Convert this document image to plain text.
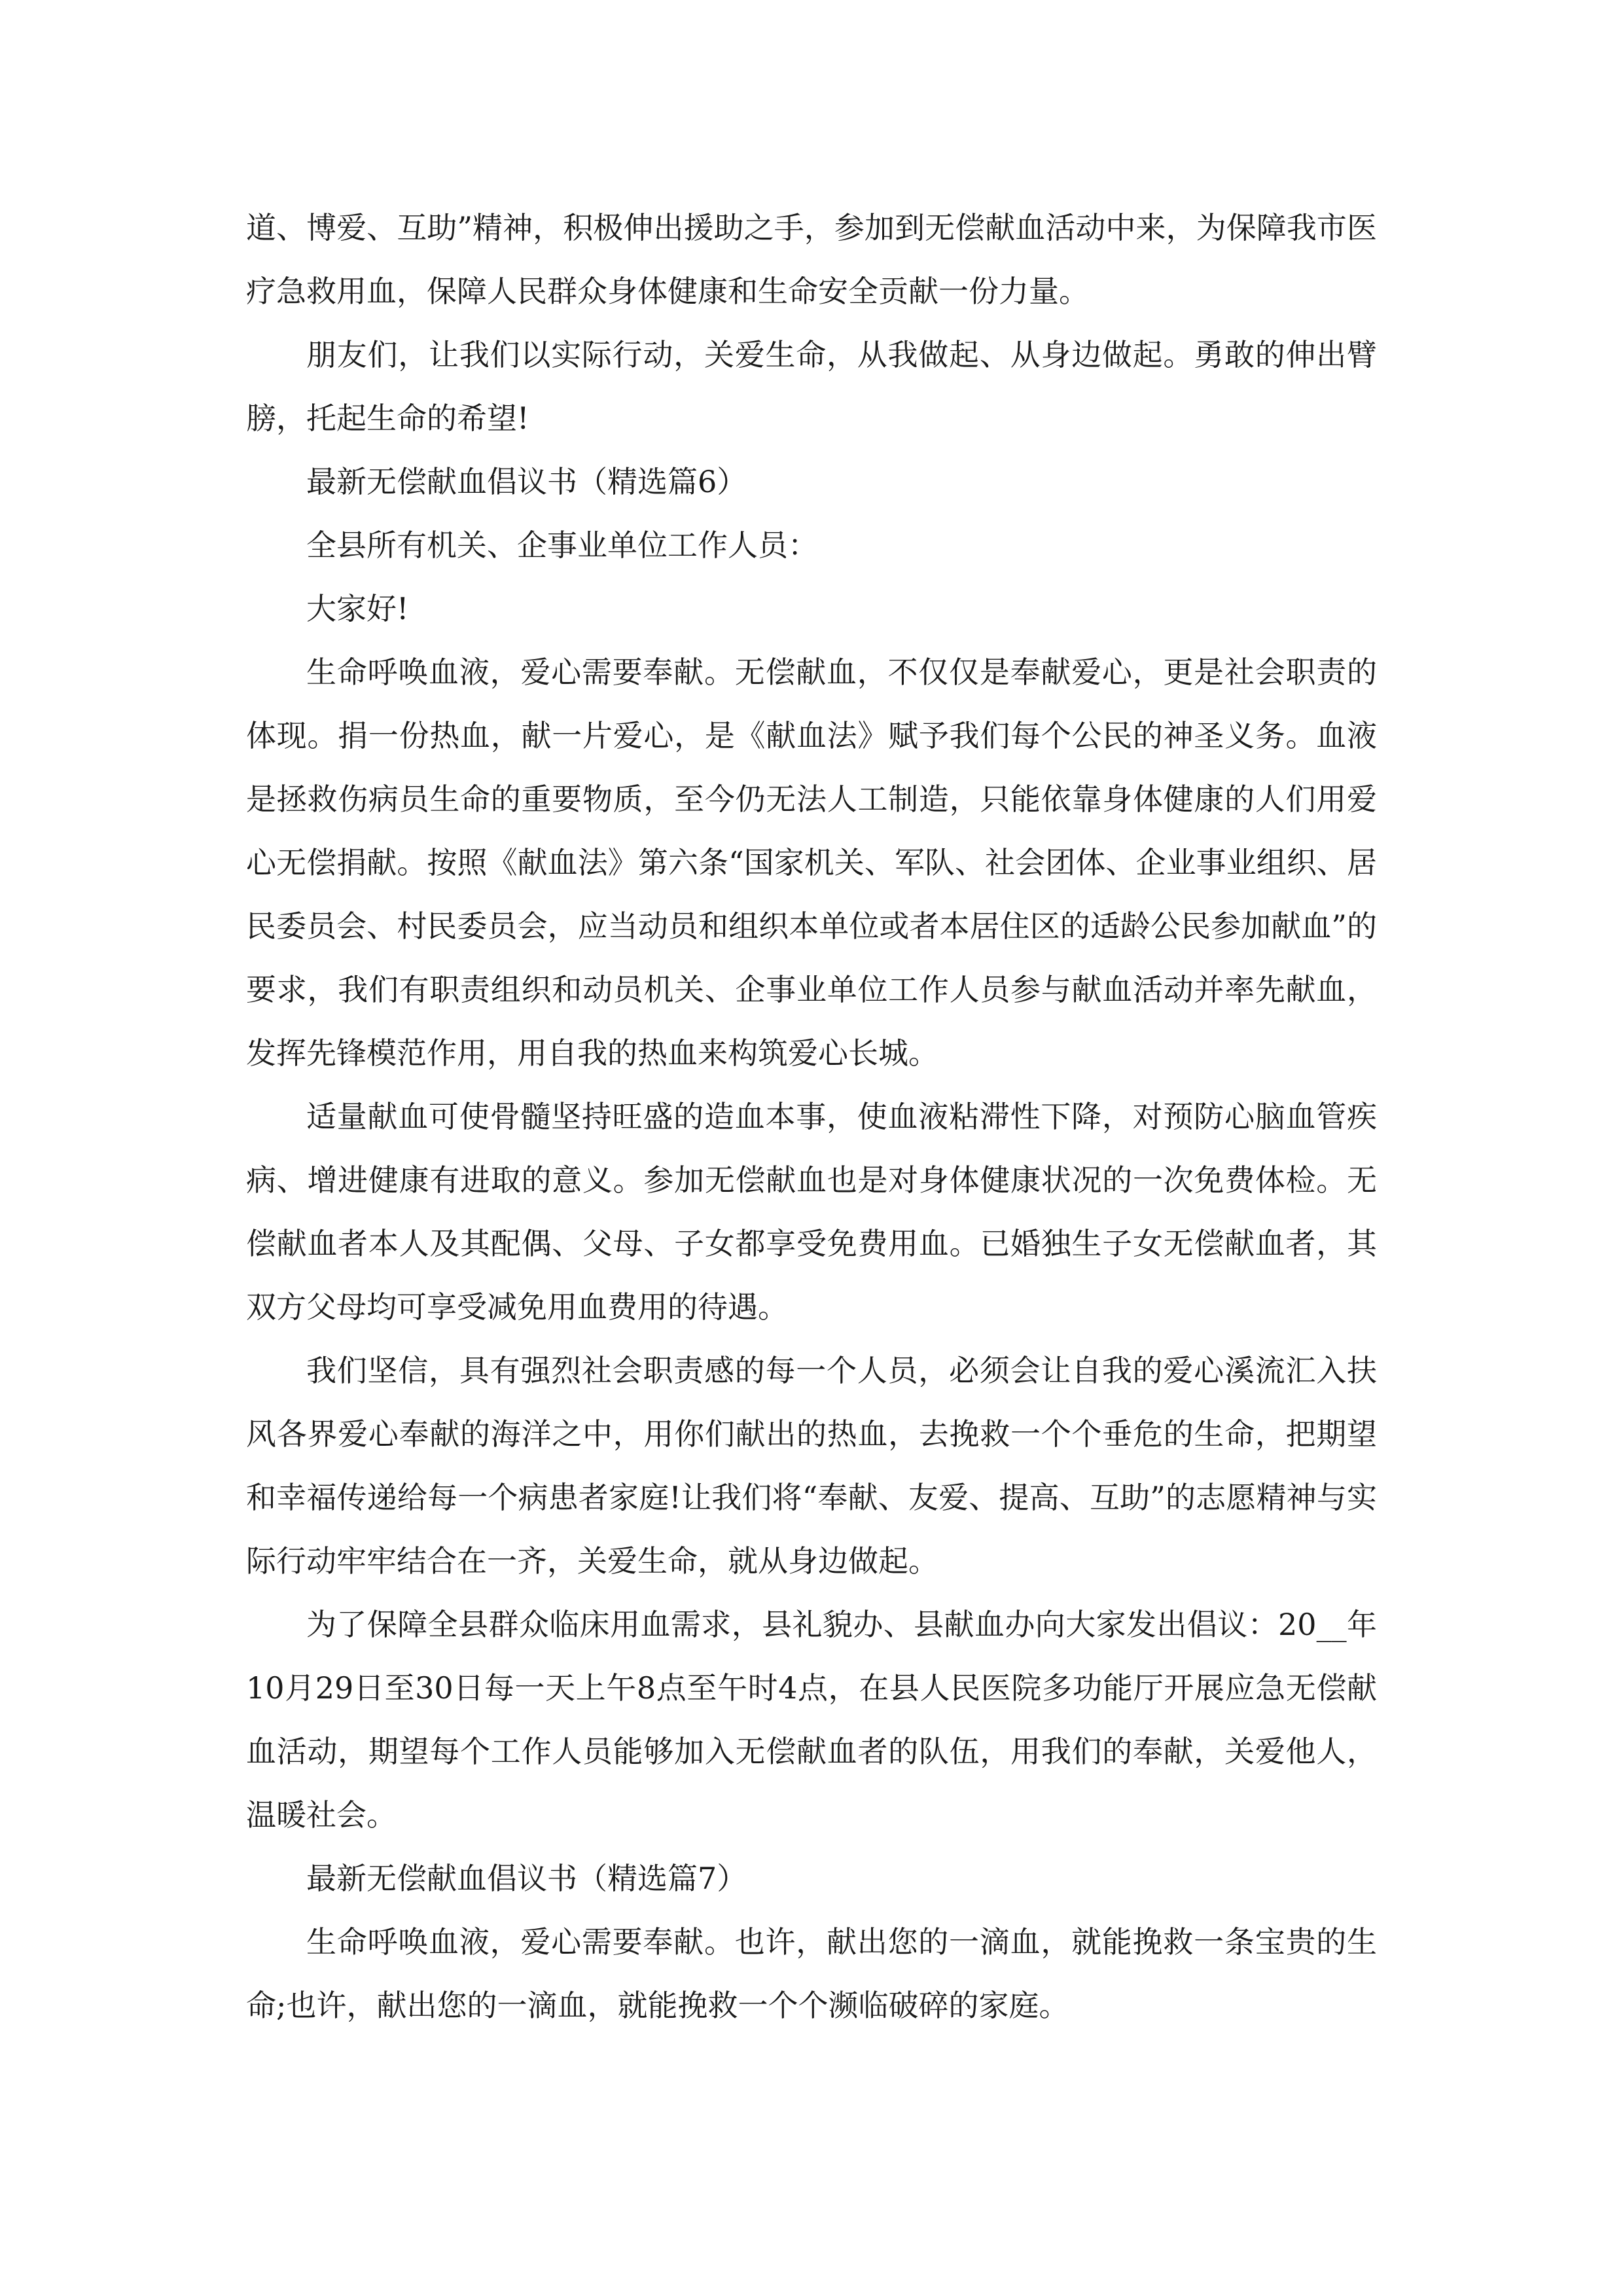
道、博爱、互助”精神，积极伸出援助之手，参加到无偿献血活动中来，为保障我市医疗急救用血，保障人民群众身体健康和生命安全贡献一份力量。

朋友们，让我们以实际行动，关爱生命，从我做起、从身边做起。勇敢的伸出臂膀，托起生命的希望!

最新无偿献血倡议书（精选篇6）

全县所有机关、企事业单位工作人员：

大家好!

生命呼唤血液，爱心需要奉献。无偿献血，不仅仅是奉献爱心，更是社会职责的体现。捐一份热血，献一片爱心，是《献血法》赋予我们每个公民的神圣义务。血液是拯救伤病员生命的重要物质，至今仍无法人工制造，只能依靠身体健康的人们用爱心无偿捐献。按照《献血法》第六条“国家机关、军队、社会团体、企业事业组织、居民委员会、村民委员会，应当动员和组织本单位或者本居住区的适龄公民参加献血”的要求，我们有职责组织和动员机关、企事业单位工作人员参与献血活动并率先献血，发挥先锋模范作用，用自我的热血来构筑爱心长城。

适量献血可使骨髓坚持旺盛的造血本事，使血液粘滞性下降，对预防心脑血管疾病、增进健康有进取的意义。参加无偿献血也是对身体健康状况的一次免费体检。无偿献血者本人及其配偶、父母、子女都享受免费用血。已婚独生子女无偿献血者，其双方父母均可享受减免用血费用的待遇。

我们坚信，具有强烈社会职责感的每一个人员，必须会让自我的爱心溪流汇入扶风各界爱心奉献的海洋之中，用你们献出的热血，去挽救一个个垂危的生命，把期望和幸福传递给每一个病患者家庭!让我们将“奉献、友爱、提高、互助”的志愿精神与实际行动牢牢结合在一齐，关爱生命，就从身边做起。

为了保障全县群众临床用血需求，县礼貌办、县献血办向大家发出倡议：20__年10月29日至30日每一天上午8点至午时4点，在县人民医院多功能厅开展应急无偿献血活动，期望每个工作人员能够加入无偿献血者的队伍，用我们的奉献，关爱他人，温暖社会。

最新无偿献血倡议书（精选篇7）

生命呼唤血液，爱心需要奉献。也许，献出您的一滴血，就能挽救一条宝贵的生命;也许，献出您的一滴血，就能挽救一个个濒临破碎的家庭。
